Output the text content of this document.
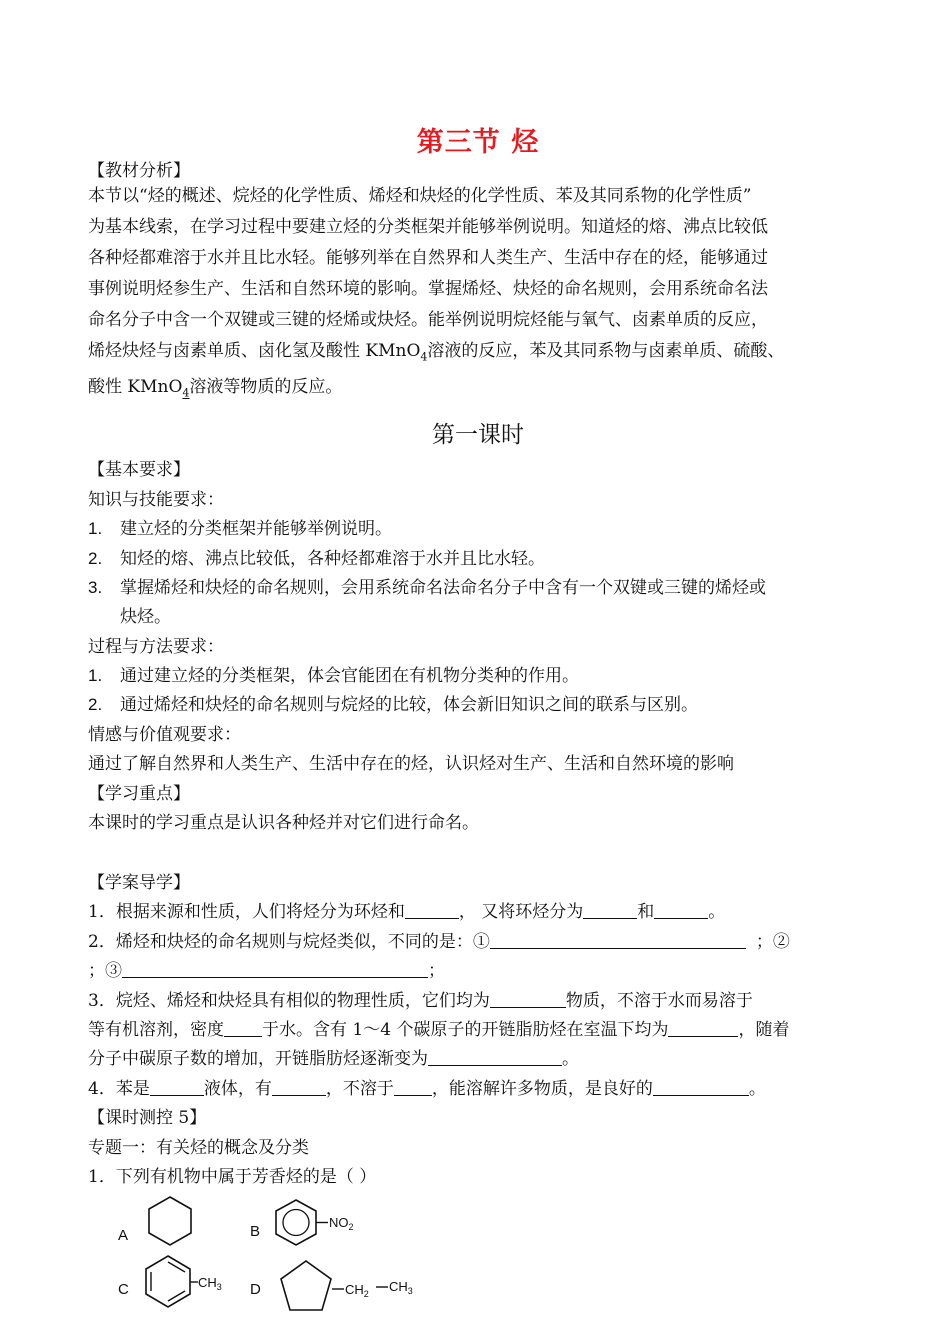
第三节 烃
【教材分析】
本节以“烃的概述、烷烃的化学性质、烯烃和炔烃的化学性质、苯及其同系物的化学性质”
为基本线索，在学习过程中要建立烃的分类框架并能够举例说明。知道烃的熔、沸点比较低
各种烃都难溶于水并且比水轻。能够列举在自然界和人类生产、生活中存在的烃，能够通过
事例说明烃参生产、生活和自然环境的影响。掌握烯烃、炔烃的命名规则，会用系统命名法
命名分子中含一个双键或三键的烃烯或炔烃。能举例说明烷烃能与氧气、卤素单质的反应，
烯烃炔烃与卤素单质、卤化氢及酸性 KMnO$_4$溶液的反应，苯及其同系物与卤素单质、硫酸、
酸性 KMnO$_4$溶液等物质的反应。
第一课时
【基本要求】
知识与技能要求：
1. 建立烃的分类框架并能够举例说明。
2. 知烃的熔、沸点比较低，各种烃都难溶于水并且比水轻。
3. 掌握烯烃和炔烃的命名规则，会用系统命名法命名分子中含有一个双键或三键的烯烃或
炔烃。
过程与方法要求：
1. 通过建立烃的分类框架，体会官能团在有机物分类种的作用。
2. 通过烯烃和炔烃的命名规则与烷烃的比较，体会新旧知识之间的联系与区别。
情感与价值观要求：
通过了解自然界和人类生产、生活中存在的烃，认识烃对生产、生活和自然环境的影响
【学习重点】
本课时的学习重点是认识各种烃并对它们进行命名。
【学案导学】
1．根据来源和性质，人们将烃分为环烃和	， 又将环烃分为	和	。
2．烯烃和炔烃的命名规则与烷烃类似，不同的是：①	；②
；③	；
3．烷烃、烯烃和炔烃具有相似的物理性质，它们均为	物质，不溶于水而易溶于
等有机溶剂，密度 于水。含有 1～4 个碳原子的开链脂肪烃在室温下均为	，随着
分子中碳原子数的增加，开链脂肪烃逐渐变为	。
4．苯是	液体，有	，不溶于 ，能溶解许多物质，是良好的	。
【课时测控 5】
专题一：有关烃的概念及分类
1．下列有机物中属于芳香烃的是（ ）
A	B
C	D
$NO_2$
$CH_3$	$CH_2$ $CH_3$
